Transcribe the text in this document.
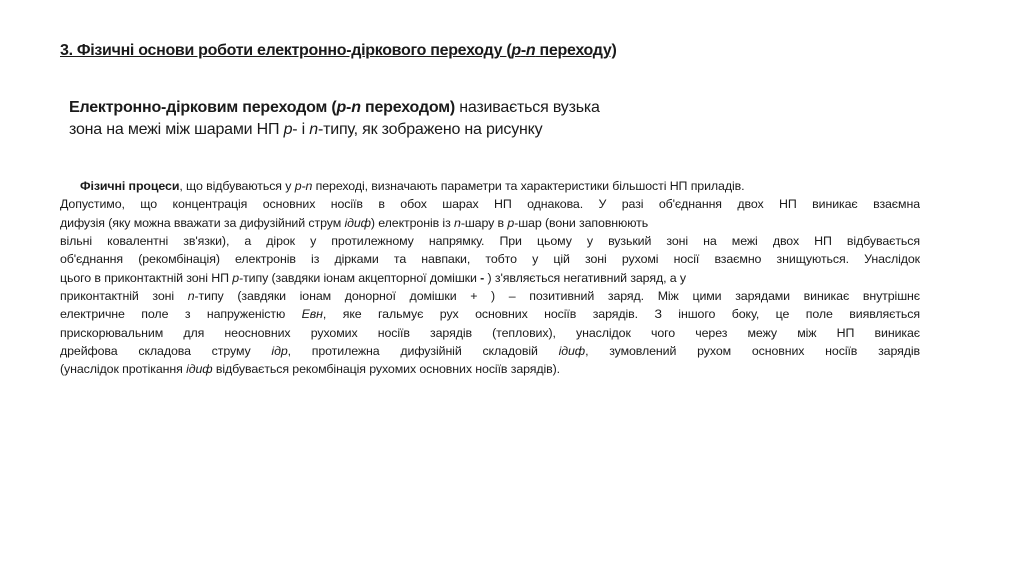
3. Фізичні основи роботи електронно-діркового переходу (p-n переходу)
Електронно-дірковим переходом (р-n переходом) називається вузька
зона на межі між шарами НП р- і n-типу, як зображено на рисунку
Фізичні процеси, що відбуваються у р-n переході, визначають параметри та характеристики більшості НП приладів.
Допустимо, що концентрація основних носіїв в обох шарах НП однакова. У разі об'єднання двох НП виникає взаємна
дифузія (яку можна вважати за дифузійний струм ідиф) електронів із n-шару в р-шар (вони заповнюють
вільні ковалентні зв'язки), а дірок у протилежному напрямку. При цьому у вузький зоні на межі двох НП відбувається
об'єднання (рекомбінація) електронів із дірками та навпаки, тобто у цій зоні рухомі носії взаємно знищуються. Унаслідок
цього в приконтактній зоні НП р-типу (завдяки іонам акцепторної домішки - ) з'являється негативний заряд, а у
приконтактній зоні n-типу (завдяки іонам донорної домішки + ) – позитивний заряд. Між цими зарядами виникає внутрішнє
електричне поле з напруженістю Евн, яке гальмує рух основних носіїв зарядів. З іншого боку, це поле виявляється
прискорювальним для неосновних рухомих носіїв зарядів (теплових), унаслідок чого через межу між НП виникає
дрейфова складова струму ідр, протилежна дифузійній складовій ідиф, зумовлений рухом основних носіїв зарядів
(унаслідок протікання ідиф відбувається рекомбінація рухомих основних носіїв зарядів).
